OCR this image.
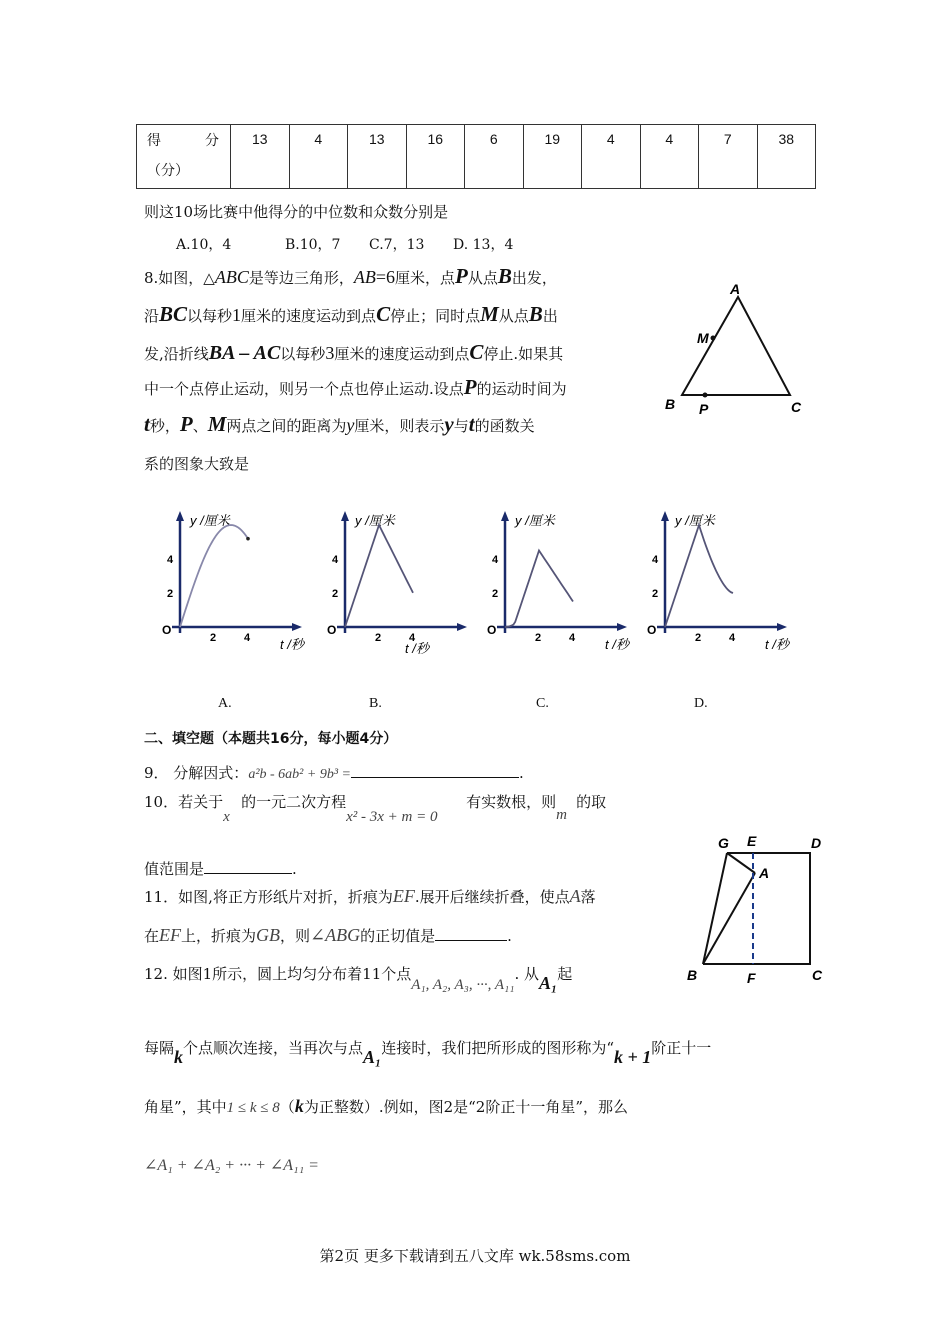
得	分
（分）
	13	4	13	16	6	19	4	4	7	38
则这10场比赛中他得分的中位数和众数分别是
A.10，4	B.10，7 C.7，13 D. 13，4
8.如图，△ABC是等边三角形，AB=6厘米，点P从点B出发，
沿BC以每秒1厘米的速度运动到点C停止；同时点M从点B出
发,沿折线BA – AC以每秒3厘米的速度运动到点C停止.如果其
中一个点停止运动，则另一个点也停止运动.设点P的运动时间为
t秒，P、M两点之间的距离为y厘米，则表示y与t的函数关
系的图象大致是
A
M
B P	C
y /厘米
t /秒
O
2	4
2
4
y /厘米
t /秒
O
2	4
2
4
y /厘米
t /秒
O
2	4
2
4
y /厘米
t /秒
O
2	4
2
4
A.	B.	C.	D.
二、填空题（本题共16分，每小题4分）
9． 分解因式：a²b - 6ab² + 9b³ =	.
10．若关于x的一元二次方程x² - 3x + m = 0有实数根，则m的取
值范围是	.
11．如图,将正方形纸片对折，折痕为EF.展开后继续折叠，使点A落
在EF上，折痕为GB，则∠ABG的正切值是	.
G E	D
A
B	F	C
12. 如图1所示，圆上均匀分布着11个点A₁, A₂, A₃, ···, A₁₁. 从A₁起
每隔k个点顺次连接，当再次与点A₁连接时，我们把所形成的图形称为“k + 1阶正十一
角星”，其中1 ≤ k ≤ 8（k为正整数）.例如，图2是“2阶正十一角星”，那么
∠A₁ + ∠A₂ + ··· + ∠A₁₁ =
第2页 更多下载请到五八文库 wk.58sms.com
